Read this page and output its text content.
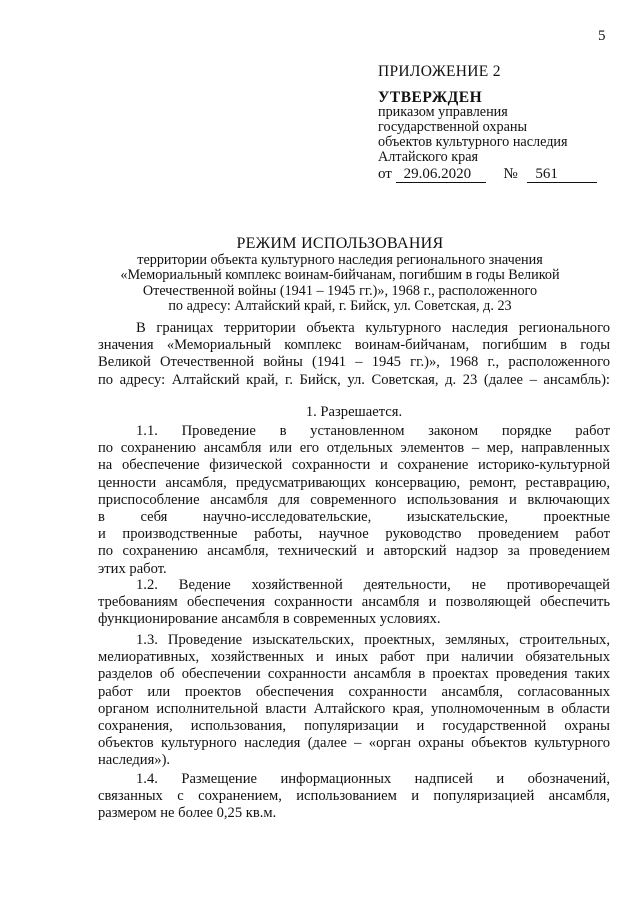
5
ПРИЛОЖЕНИЕ 2
УТВЕРЖДЕН
приказом управления
государственной охраны
объектов культурного наследия
Алтайского края
от 29.06.2020 № 561
РЕЖИМ ИСПОЛЬЗОВАНИЯ
территории объекта культурного наследия регионального значения
«Мемориальный комплекс воинам-бийчанам, погибшим в годы Великой
Отечественной войны (1941 – 1945 гг.)», 1968 г., расположенного
по адресу: Алтайский край, г. Бийск, ул. Советская, д. 23
В границах территории объекта культурного наследия регионального
значения «Мемориальный комплекс воинам-бийчанам, погибшим в годы
Великой Отечественной войны (1941 – 1945 гг.)», 1968 г., расположенного
по адресу: Алтайский край, г. Бийск, ул. Советская, д. 23 (далее – ансамбль):
1. Разрешается.
1.1. Проведение в установленном законом порядке работ
по сохранению ансамбля или его отдельных элементов – мер, направленных
на обеспечение физической сохранности и сохранение историко-культурной
ценности ансамбля, предусматривающих консервацию, ремонт, реставрацию,
приспособление ансамбля для современного использования и включающих
в себя научно-исследовательские, изыскательские, проектные
и производственные работы, научное руководство проведением работ
по сохранению ансамбля, технический и авторский надзор за проведением
этих работ.
1.2. Ведение хозяйственной деятельности, не противоречащей
требованиям обеспечения сохранности ансамбля и позволяющей обеспечить
функционирование ансамбля в современных условиях.
1.3. Проведение изыскательских, проектных, земляных, строительных,
мелиоративных, хозяйственных и иных работ при наличии обязательных
разделов об обеспечении сохранности ансамбля в проектах проведения таких
работ или проектов обеспечения сохранности ансамбля, согласованных
органом исполнительной власти Алтайского края, уполномоченным в области
сохранения, использования, популяризации и государственной охраны
объектов культурного наследия (далее – «орган охраны объектов культурного
наследия»).
1.4. Размещение информационных надписей и обозначений,
связанных с сохранением, использованием и популяризацией ансамбля,
размером не более 0,25 кв.м.
